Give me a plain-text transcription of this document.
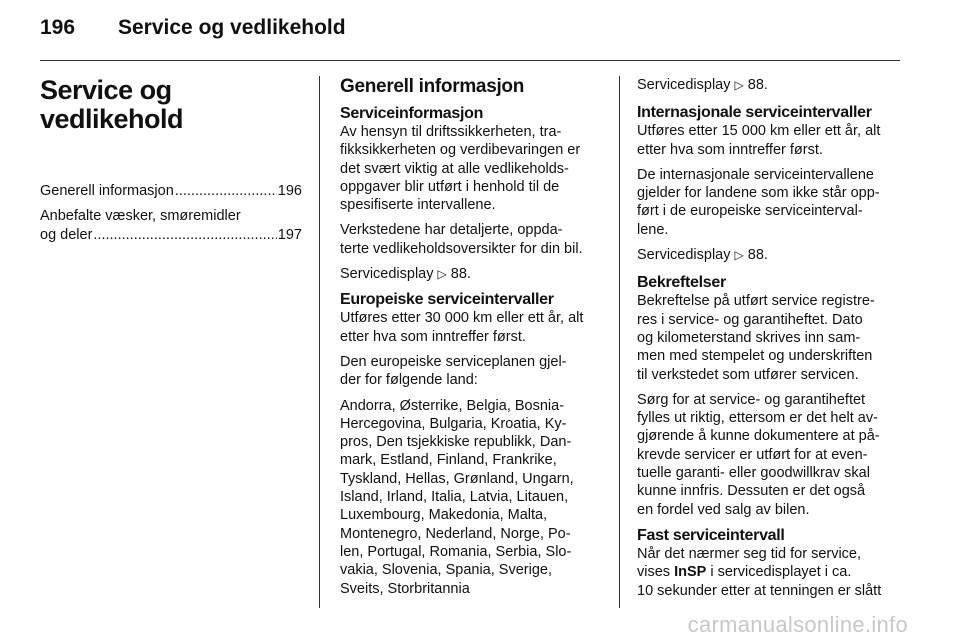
196 Service og vedlikehold
Service og
vedlikehold
Generell informasjon .....	196
Anbefalte væsker, smøremidler
og deler .....	197
Generell informasjon
Serviceinformasjon

Av hensyn til driftssikkerheten, tra-
fikksikkerheten og verdibevaringen er
det svært viktig at alle vedlikeholds-
oppgaver blir utført i henhold til de
spesifiserte intervallene.

Verkstedene har detaljerte, oppda-
terte vedlikeholdsoversikter for din bil.

Servicedisplay ▷ 88.

Europeiske serviceintervaller

Utføres etter 30 000 km eller ett år, alt
etter hva som inntreffer først.

Den europeiske serviceplanen gjel-
der for følgende land:

Andorra, Østerrike, Belgia, Bosnia-
Hercegovina, Bulgaria, Kroatia, Ky-
pros, Den tsjekkiske republikk, Dan-
mark, Estland, Finland, Frankrike,
Tyskland, Hellas, Grønland, Ungarn,
Island, Irland, Italia, Latvia, Litauen,
Luxembourg, Makedonia, Malta,
Montenegro, Nederland, Norge, Po-
len, Portugal, Romania, Serbia, Slo-
vakia, Slovenia, Spania, Sverige,
Sveits, Storbritannia

Servicedisplay ▷ 88.

Internasjonale serviceintervaller

Utføres etter 15 000 km eller ett år, alt
etter hva som inntreffer først.

De internasjonale serviceintervallene
gjelder for landene som ikke står opp-
ført i de europeiske serviceinterval-
lene.

Servicedisplay ▷ 88.

Bekreftelser

Bekreftelse på utført service registre-
res i service- og garantiheftet. Dato
og kilometerstand skrives inn sam-
men med stempelet og underskriften
til verkstedet som utfører servicen.

Sørg for at service- og garantiheftet
fylles ut riktig, ettersom er det helt av-
gjørende å kunne dokumentere at på-
krevde servicer er utført for at even-
tuelle garanti- eller goodwillkrav skal
kunne innfris. Dessuten er det også
en fordel ved salg av bilen.

Fast serviceintervall

Når det nærmer seg tid for service,
vises InSP i servicedisplayet i ca.
10 sekunder etter at tenningen er slått

carmanualsonline.info
